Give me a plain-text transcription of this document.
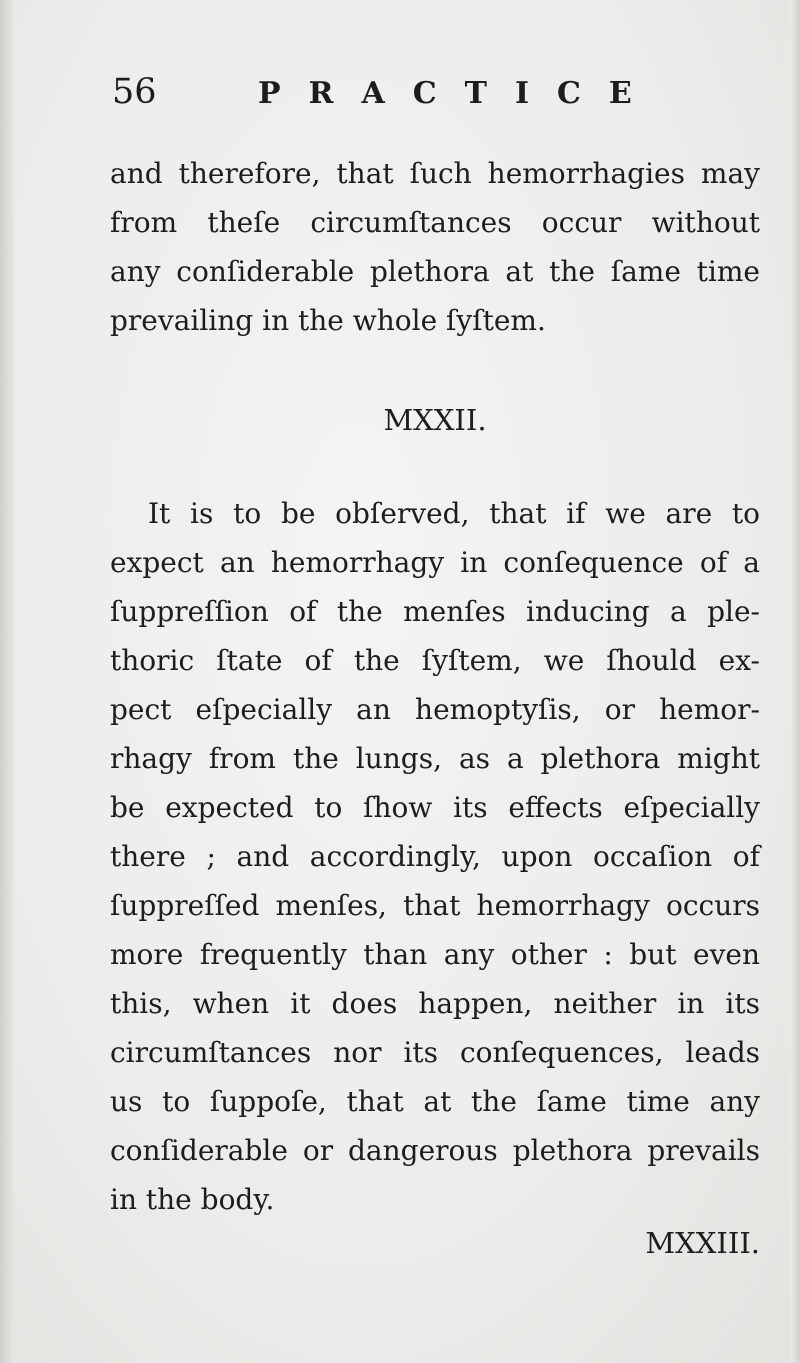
56	PRACTICE
and therefore, that ſuch hemorrhagies may
from theſe circumſtances occur without
any conſiderable plethora at the ſame time
prevailing in the whole ſyſtem.
MXXII.
It is to be obſerved, that if we are to
expect an hemorrhagy in conſequence of a
ſuppreſſion of the menſes inducing a ple-
thoric ſtate of the ſyſtem, we ſhould ex-
pect eſpecially an hemoptyſis, or hemor-
rhagy from the lungs, as a plethora might
be expected to ſhow its effects eſpecially
there ; and accordingly, upon occaſion of
ſuppreſſed menſes, that hemorrhagy occurs
more frequently than any other : but even
this, when it does happen, neither in its
circumſtances nor its conſequences, leads
us to ſuppoſe, that at the ſame time any
conſiderable or dangerous plethora prevails
in the body.
MXXIII.
